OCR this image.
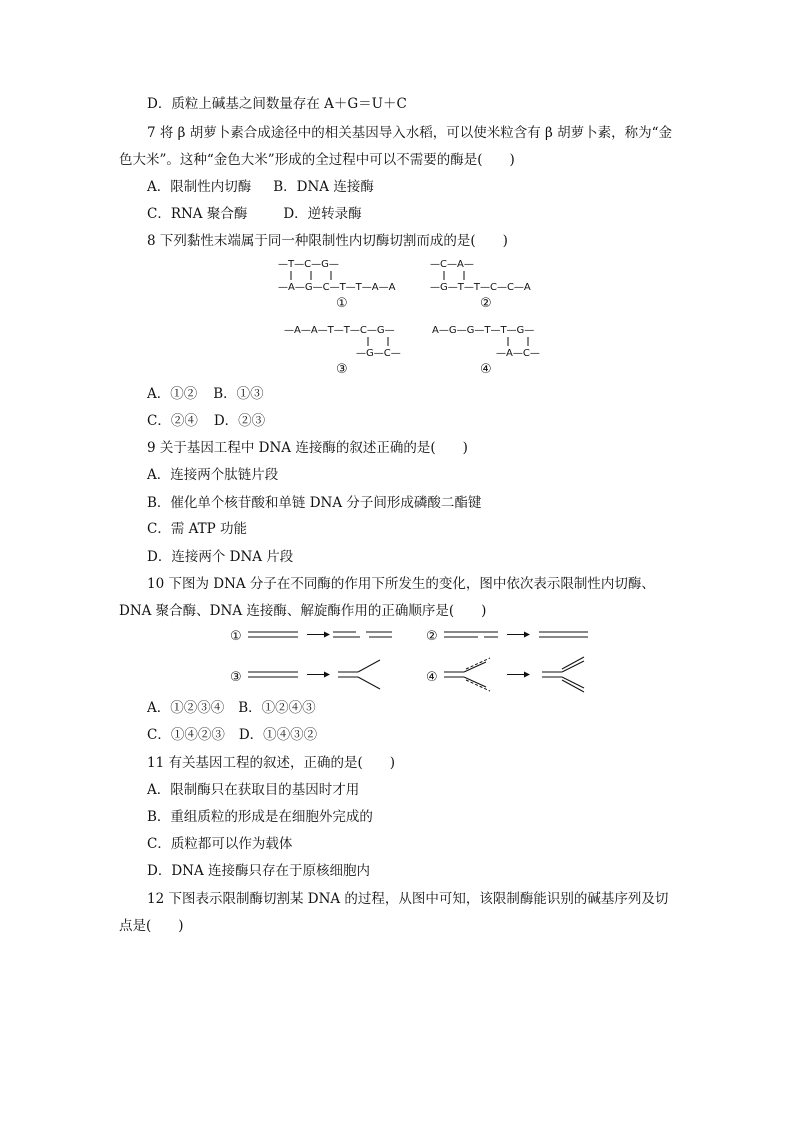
D．质粒上碱基之间数量存在 A＋G＝U＋C
7 将 β 胡萝卜素合成途径中的相关基因导入水稻，可以使米粒含有 β 胡萝卜素，称为“金
色大米”。这种“金色大米”形成的全过程中可以不需要的酶是(　　)
A．限制性内切酶 B．DNA 连接酶
C．RNA 聚合酶	D．逆转录酶
8 下列黏性末端属于同一种限制性内切酶切割而成的是(　　)
—T—C—G—
—A—G—C—T—T—A—A
①
—C—A—
—G—T—T—C—C—A
②
—A—A—T—T—C—G—
—G—C—
③
A—G—G—T—T—G—
—A—C—
④
A．①② B．①③
C．②④ D．②③
9 关于基因工程中 DNA 连接酶的叙述正确的是(　　)
A．连接两个肽链片段
B．催化单个核苷酸和单链 DNA 分子间形成磷酸二酯键
C．需 ATP 功能
D．连接两个 DNA 片段
10 下图为 DNA 分子在不同酶的作用下所发生的变化，图中依次表示限制性内切酶、
DNA 聚合酶、DNA 连接酶、解旋酶作用的正确顺序是(　　)
①	②
③	④
A．①②③④ B．①②④③
C．①④②③ D．①④③②
11 有关基因工程的叙述，正确的是(　　)
A．限制酶只在获取目的基因时才用
B．重组质粒的形成是在细胞外完成的
C．质粒都可以作为载体
D．DNA 连接酶只存在于原核细胞内
12 下图表示限制酶切割某 DNA 的过程，从图中可知，该限制酶能识别的碱基序列及切
点是(　　)
